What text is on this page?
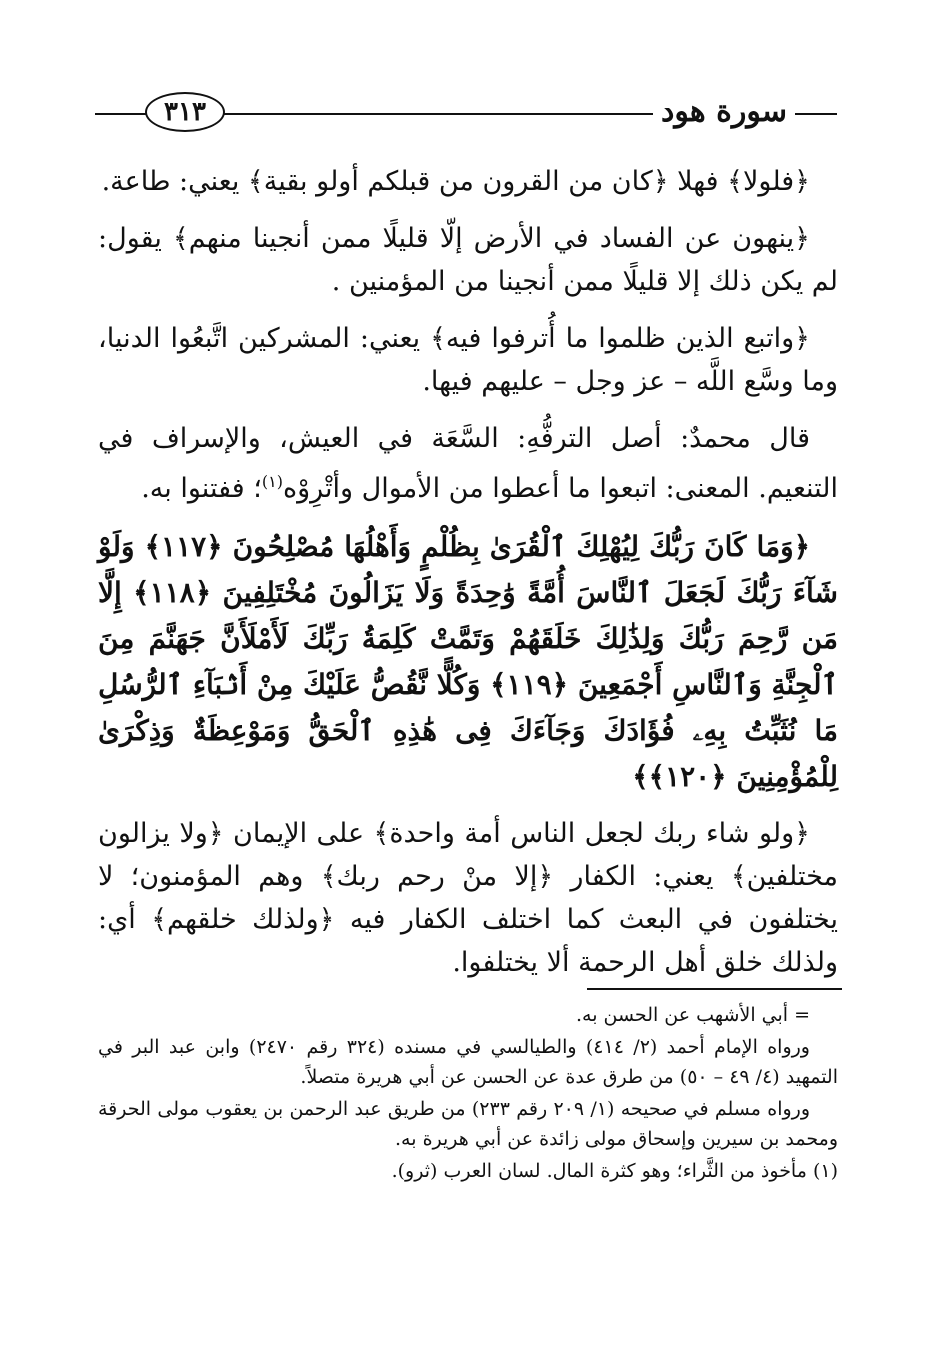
٣١٣	سورة هود

﴿فلولا﴾ فهلا ﴿كان من القرون من قبلكم أولو بقية﴾ يعني: طاعة.

﴿ينهون عن الفساد في الأرض إلّا قليلًا ممن أنجينا منهم﴾ يقول: لم يكن ذلك إلا قليلًا ممن أنجينا من المؤمنين .

﴿واتبع الذين ظلموا ما أُترفوا فيه﴾ يعني: المشركين اتَّبعُوا الدنيا، وما وسَّع اللَّه – عز وجل – عليهم فيها.

قال محمدٌ: أصل الترفُّهِ: السَّعَة في العيش، والإسراف في التنعيم. المعنى: اتبعوا ما أعطوا من الأموال وأتْرِوْه$^{(١)}$؛ ففتنوا به.

﴿وَمَا كَانَ رَبُّكَ لِيُهْلِكَ ٱلْقُرَىٰ بِظُلْمٍ وَأَهْلُهَا مُصْلِحُونَ ﴿١١٧﴾ وَلَوْ شَآءَ رَبُّكَ لَجَعَلَ ٱلنَّاسَ أُمَّةً وَٰحِدَةً وَلَا يَزَالُونَ مُخْتَلِفِينَ ﴿١١٨﴾ إِلَّا مَن رَّحِمَ رَبُّكَ وَلِذَٰلِكَ خَلَقَهُمْ وَتَمَّتْ كَلِمَةُ رَبِّكَ لَأَمْلَأَنَّ جَهَنَّمَ مِنَ ٱلْجِنَّةِ وَٱلنَّاسِ أَجْمَعِينَ ﴿١١٩﴾ وَكُلًّا نَّقُصُّ عَلَيْكَ مِنْ أَنۢبَآءِ ٱلرُّسُلِ مَا نُثَبِّتُ بِهِۦ فُؤَادَكَ وَجَآءَكَ فِى هَٰذِهِ ٱلْحَقُّ وَمَوْعِظَةٌ وَذِكْرَىٰ لِلْمُؤْمِنِينَ ﴿١٢٠﴾﴾

﴿ولو شاء ربك لجعل الناس أمة واحدة﴾ على الإيمان ﴿ولا يزالون مختلفين﴾ يعني: الكفار ﴿إلا منْ رحم ربك﴾ وهم المؤمنون؛ لا يختلفون في البعث كما اختلف الكفار فيه ﴿ولذلك خلقهم﴾ أي: ولذلك خلق أهل الرحمة ألا يختلفوا.

= أبي الأشهب عن الحسن به.

ورواه الإمام أحمد (٢/ ٤١٤) والطيالسي في مسنده (٣٢٤ رقم ٢٤٧٠) وابن عبد البر في التمهيد (٤/ ٤٩ – ٥٠) من طرق عدة عن الحسن عن أبي هريرة متصلاً.

ورواه مسلم في صحيحه (١/ ٢٠٩ رقم ٢٣٣) من طريق عبد الرحمن بن يعقوب مولى الحرقة ومحمد بن سيرين وإسحاق مولى زائدة عن أبي هريرة به.

(١) مأخوذ من الثَّراء؛ وهو كثرة المال. لسان العرب (ثرو).
